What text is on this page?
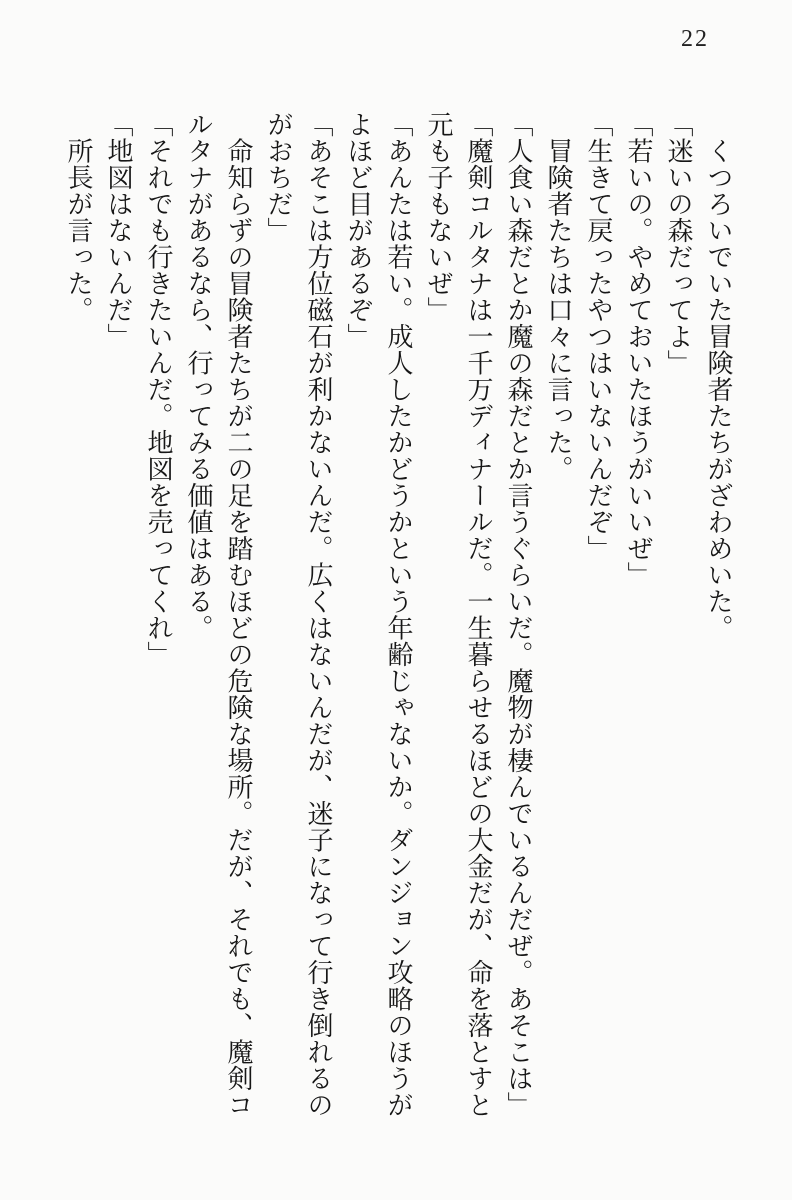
22

　くつろいでいた冒険者たちがざわめいた。

「迷いの森だってよ」

「若いの。やめておいたほうがいいぜ」

「生きて戻ったやつはいないんだぞ」

　冒険者たちは口々に言った。

「人食い森だとか魔の森だとか言うぐらいだ。魔物が棲んでいるんだぜ。あそこは」

「魔剣コルタナは一千万ディナールだ。一生暮らせるほどの大金だが、命を落とすと

元も子もないぜ」

「あんたは若い。成人したかどうかという年齢じゃないか。ダンジョン攻略のほうが

よほど目があるぞ」

「あそこは方位磁石が利かないんだ。広くはないんだが、迷子になって行き倒れるの

がおちだ」

　命知らずの冒険者たちが二の足を踏むほどの危険な場所。だが、それでも、魔剣コ

ルタナがあるなら、行ってみる価値はある。

「それでも行きたいんだ。地図を売ってくれ」

「地図はないんだ」

　所長が言った。
